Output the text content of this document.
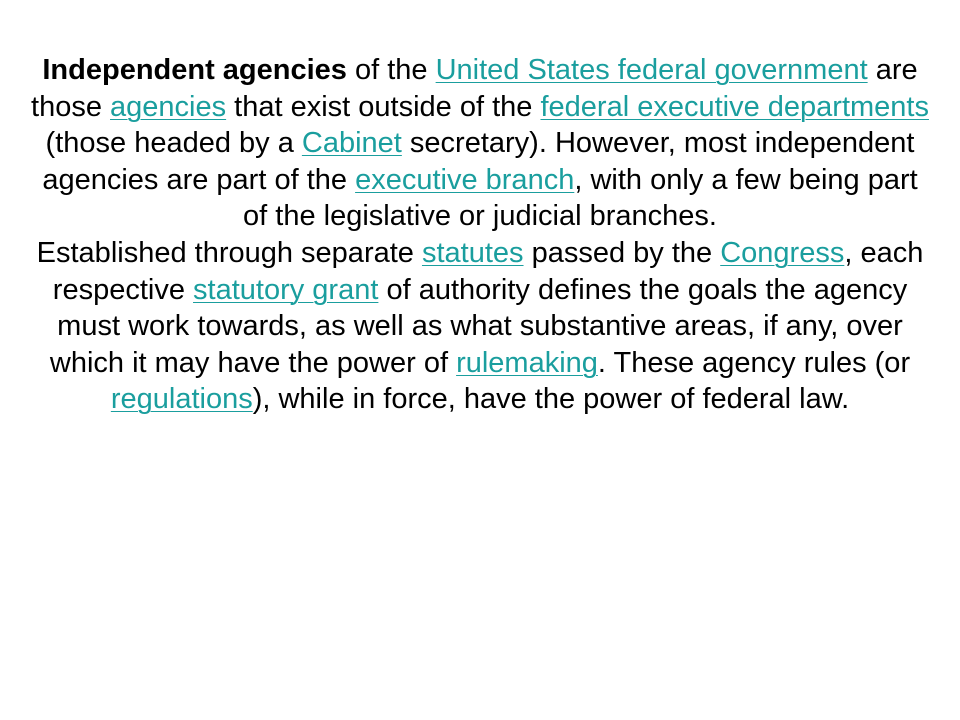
Independent agencies of the United States federal government are those agencies that exist outside of the federal executive departments (those headed by a Cabinet secretary). However, most independent agencies are part of the executive branch, with only a few being part of the legislative or judicial branches.

Established through separate statutes passed by the Congress, each respective statutory grant of authority defines the goals the agency must work towards, as well as what substantive areas, if any, over which it may have the power of rulemaking. These agency rules (or regulations), while in force, have the power of federal law.
